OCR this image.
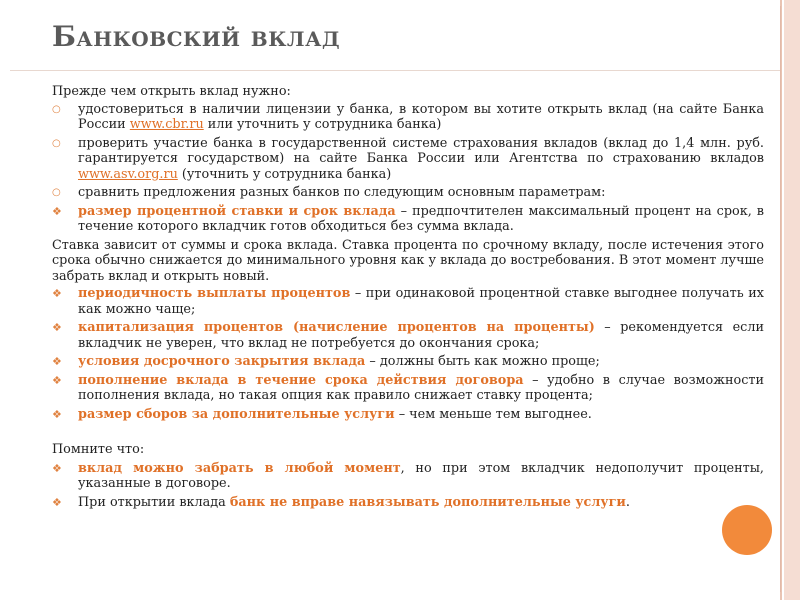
Банковский вклад

Прежде чем открыть вклад нужно:

○ удостовериться в наличии лицензии у банка, в котором вы хотите открыть вклад (на сайте Банка России www.cbr.ru или уточнить у сотрудника банка)
○ проверить участие банка в государственной системе страхования вкладов (вклад до 1,4 млн. руб. гарантируется государством) на сайте Банка России или Агентства по страхованию вкладов www.asv.org.ru (уточнить у сотрудника банка)
○ сравнить предложения разных банков по следующим основным параметрам:
❖ размер процентной ставки и срок вклада – предпочтителен максимальный процент на срок, в течение которого вкладчик готов обходиться без сумма вклада.

Ставка зависит от суммы и срока вклада. Ставка процента по срочному вкладу, после истечения этого срока обычно снижается до минимального уровня как у вклада до востребования. В этот момент лучше забрать вклад и открыть новый.

❖ периодичность выплаты процентов – при одинаковой процентной ставке выгоднее получать их как можно чаще;
❖ капитализация процентов (начисление процентов на проценты) – рекомендуется если вкладчик не уверен, что вклад не потребуется до окончания срока;
❖ условия досрочного закрытия вклада – должны быть как можно проще;
❖ пополнение вклада в течение срока действия договора – удобно в случае возможности пополнения вклада, но такая опция как правило снижает ставку процента;
❖ размер сборов за дополнительные услуги – чем меньше тем выгоднее.

Помните что:

❖ вклад можно забрать в любой момент, но при этом вкладчик недополучит проценты, указанные в договоре.
❖ При открытии вклада банк не вправе навязывать дополнительные услуги.
